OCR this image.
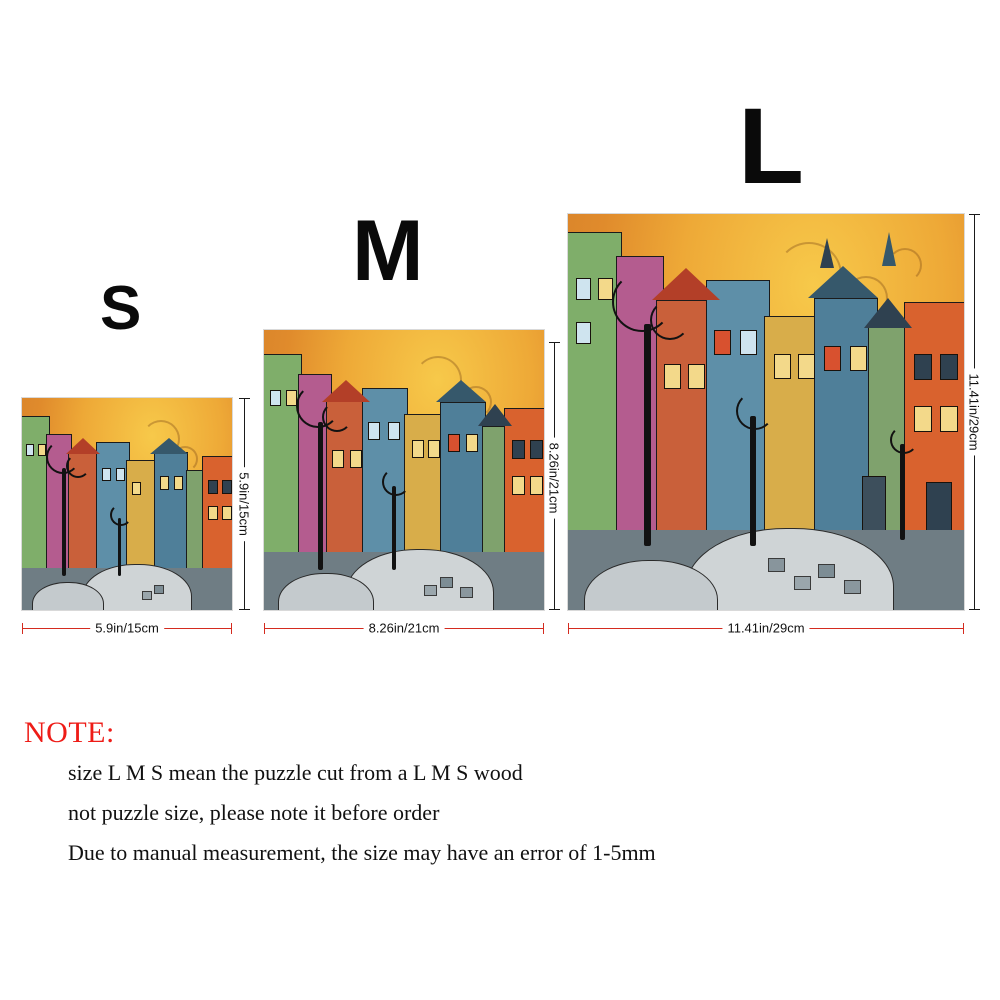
S
5.9in/15cm
5.9in/15cm
M
8.26in/21cm
8.26in/21cm
L
11.41in/29cm
11.41in/29cm
NOTE:
size L M S mean the puzzle cut from a L M S wood
not puzzle size, please note it before order
Due to manual measurement, the size may have an error of 1-5mm
